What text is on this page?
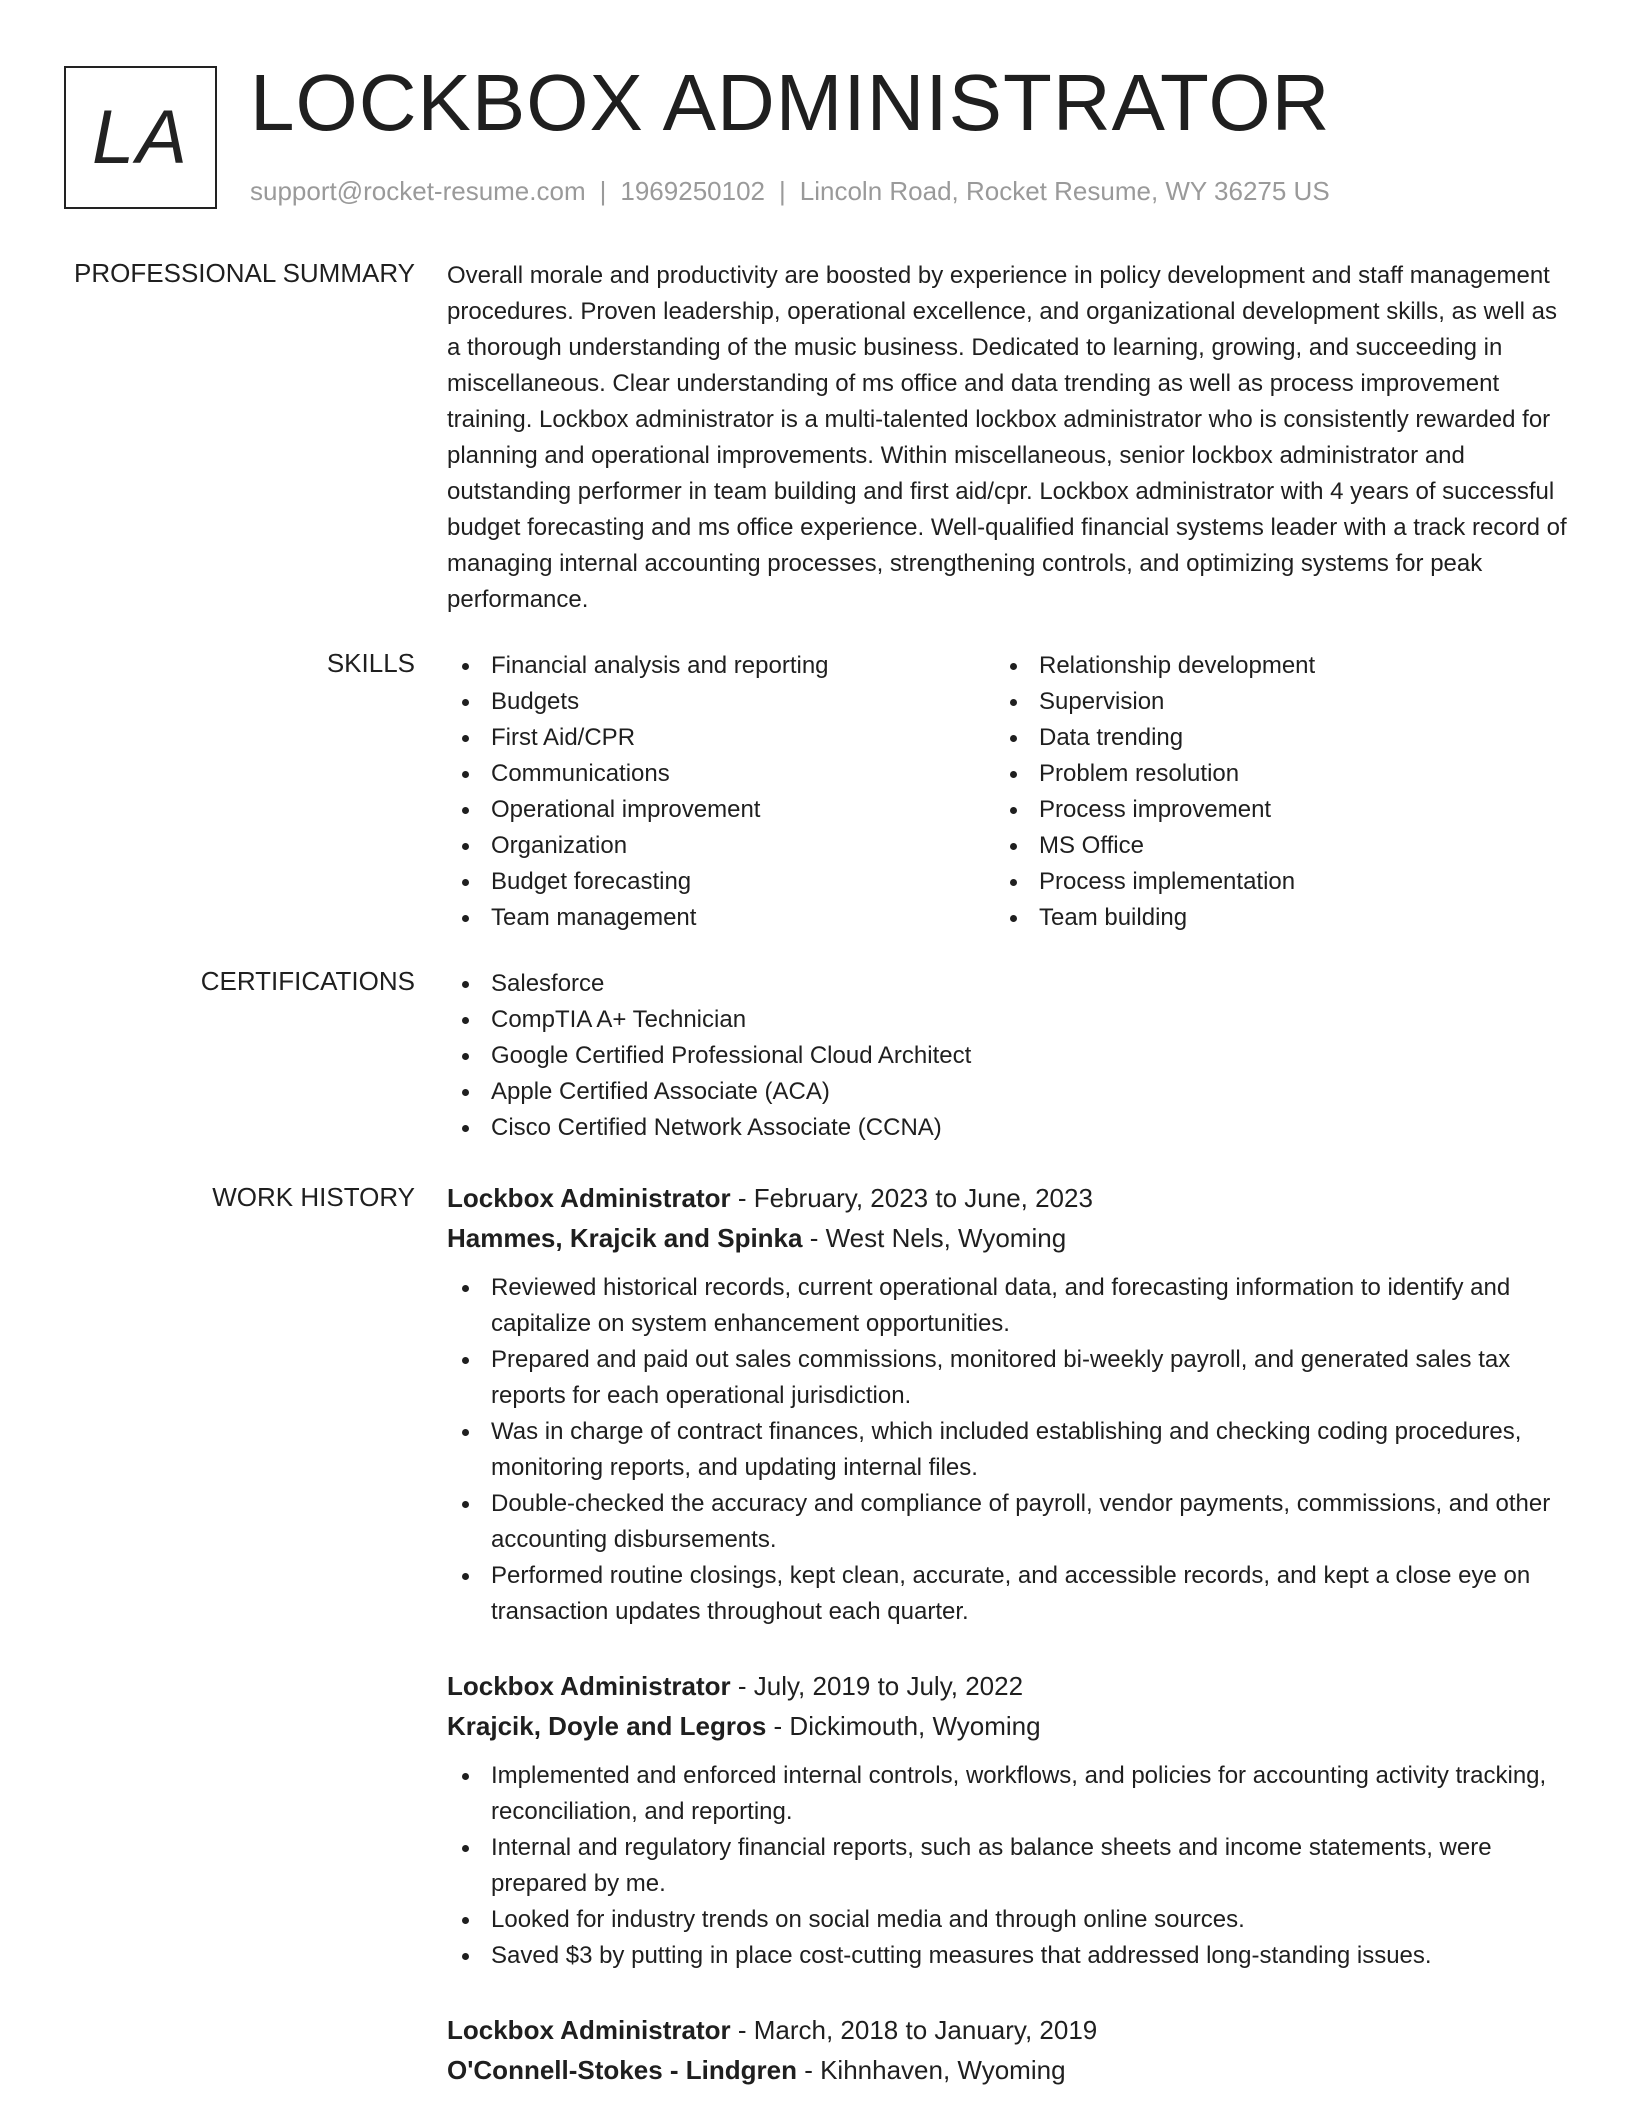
LA LOCKBOX ADMINISTRATOR
support@rocket-resume.com | 1969250102 | Lincoln Road, Rocket Resume, WY 36275 US
PROFESSIONAL SUMMARY Overall morale and productivity are boosted by experience in policy development and staff management procedures. Proven leadership, operational excellence, and organizational development skills, as well as a thorough understanding of the music business. Dedicated to learning, growing, and succeeding in miscellaneous. Clear understanding of ms office and data trending as well as process improvement training. Lockbox administrator is a multi-talented lockbox administrator who is consistently rewarded for planning and operational improvements. Within miscellaneous, senior lockbox administrator and outstanding performer in team building and first aid/cpr. Lockbox administrator with 4 years of successful budget forecasting and ms office experience. Well-qualified financial systems leader with a track record of managing internal accounting processes, strengthening controls, and optimizing systems for peak performance.

SKILLS	Financial analysis and reporting
Budgets
First Aid/CPR
Communications
Operational improvement
Organization
Budget forecasting
Team management
Relationship development
Supervision
Data trending
Problem resolution
Process improvement
MS Office
Process implementation
Team building
CERTIFICATIONS	Salesforce
CompTIA A+ Technician
Google Certified Professional Cloud Architect
Apple Certified Associate (ACA)
Cisco Certified Network Associate (CCNA)
WORK HISTORY Lockbox Administrator - February, 2023 to June, 2023
Hammes, Krajcik and Spinka - West Nels, Wyoming
Reviewed historical records, current operational data, and forecasting information to identify and capitalize on system enhancement opportunities.
Prepared and paid out sales commissions, monitored bi-weekly payroll, and generated sales tax reports for each operational jurisdiction.
Was in charge of contract finances, which included establishing and checking coding procedures, monitoring reports, and updating internal files.
Double-checked the accuracy and compliance of payroll, vendor payments, commissions, and other accounting disbursements.
Performed routine closings, kept clean, accurate, and accessible records, and kept a close eye on transaction updates throughout each quarter.
Lockbox Administrator - July, 2019 to July, 2022
Krajcik, Doyle and Legros - Dickimouth, Wyoming
Implemented and enforced internal controls, workflows, and policies for accounting activity tracking, reconciliation, and reporting.
Internal and regulatory financial reports, such as balance sheets and income statements, were prepared by me.
Looked for industry trends on social media and through online sources.
Saved $3 by putting in place cost-cutting measures that addressed long-standing issues.
Lockbox Administrator - March, 2018 to January, 2019
O'Connell-Stokes - Lindgren - Kihnhaven, Wyoming
